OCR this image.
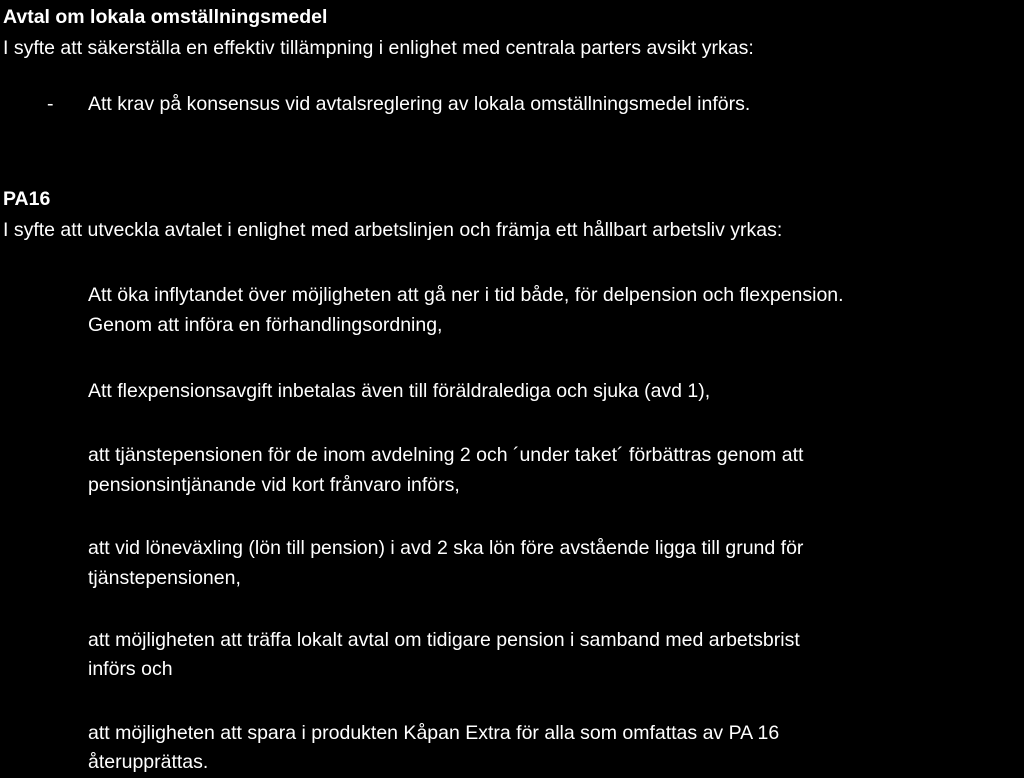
Avtal om lokala omställningsmedel
I syfte att säkerställa en effektiv tillämpning i enlighet med centrala parters avsikt yrkas:
- Att krav på konsensus vid avtalsreglering av lokala omställningsmedel införs.
PA16
I syfte att utveckla avtalet i enlighet med arbetslinjen och främja ett hållbart arbetsliv yrkas:
Att öka inflytandet över möjligheten att gå ner i tid både, för delpension och flexpension.
Genom att införa en förhandlingsordning,
Att flexpensionsavgift inbetalas även till föräldralediga och sjuka (avd 1),
att tjänstepensionen för de inom avdelning 2 och ´under taket´ förbättras genom att
pensionsintjänande vid kort frånvaro införs,
att vid löneväxling (lön till pension) i avd 2 ska lön före avstående ligga till grund för
tjänstepensionen,
att möjligheten att träffa lokalt avtal om tidigare pension i samband med arbetsbrist
införs och
att möjligheten att spara i produkten Kåpan Extra för alla som omfattas av PA 16
återupprättas.
